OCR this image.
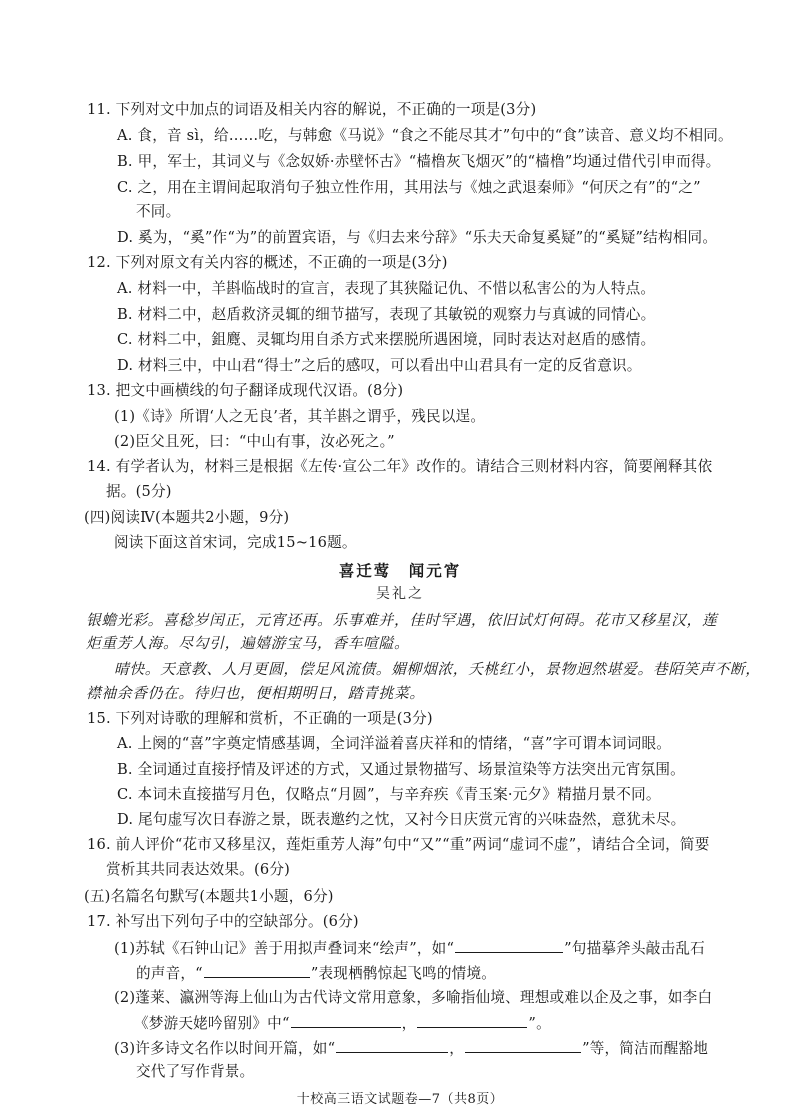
11. 下列对文中加点的词语及相关内容的解说，不正确的一项是(3分)
A. 食，音 sì，给……吃，与韩愈《马说》“食之不能尽其才”句中的“食”读音、意义均不相同。
B. 甲，军士，其词义与《念奴娇·赤壁怀古》“樯橹灰飞烟灭”的“樯橹”均通过借代引申而得。
C. 之，用在主谓间起取消句子独立性作用，其用法与《烛之武退秦师》“何厌之有”的“之”
不同。
D. 奚为，“奚”作“为”的前置宾语，与《归去来兮辞》“乐夫天命复奚疑”的“奚疑”结构相同。
12. 下列对原文有关内容的概述，不正确的一项是(3分)
A. 材料一中，羊斟临战时的宣言，表现了其狭隘记仇、不惜以私害公的为人特点。
B. 材料二中，赵盾救济灵辄的细节描写，表现了其敏锐的观察力与真诚的同情心。
C. 材料二中，鉏麑、灵辄均用自杀方式来摆脱所遇困境，同时表达对赵盾的感情。
D. 材料三中，中山君“得士”之后的感叹，可以看出中山君具有一定的反省意识。
13. 把文中画横线的句子翻译成现代汉语。(8分)
(1)《诗》所谓‘人之无良’者，其羊斟之谓乎，残民以逞。
(2)臣父且死，曰：“中山有事，汝必死之。”
14. 有学者认为，材料三是根据《左传·宣公二年》改作的。请结合三则材料内容，简要阐释其依
据。(5分)
(四)阅读Ⅳ(本题共2小题，9分)
阅读下面这首宋词，完成15~16题。
喜迁莺　闻元宵
吴礼之
银蟾光彩。喜稔岁闰正，元宵还再。乐事难并，佳时罕遇，依旧试灯何碍。花市又移星汉，莲
炬重芳人海。尽勾引，遍嬉游宝马，香车喧隘。
晴快。天意教、人月更圆，偿足风流债。媚柳烟浓，夭桃红小，景物迥然堪爱。巷陌笑声不断，
襟袖余香仍在。待归也，便相期明日，踏青挑菜。
15. 下列对诗歌的理解和赏析，不正确的一项是(3分)
A. 上阕的“喜”字奠定情感基调，全词洋溢着喜庆祥和的情绪，“喜”字可谓本词词眼。
B. 全词通过直接抒情及评述的方式，又通过景物描写、场景渲染等方法突出元宵氛围。
C. 本词未直接描写月色，仅略点“月圆”，与辛弃疾《青玉案·元夕》精描月景不同。
D. 尾句虚写次日春游之景，既表邀约之忱，又衬今日庆赏元宵的兴味盎然，意犹未尽。
16. 前人评价“花市又移星汉，莲炬重芳人海”句中“又”“重”两词“虚词不虚”，请结合全词，简要
赏析其共同表达效果。(6分)
(五)名篇名句默写(本题共1小题，6分)
17. 补写出下列句子中的空缺部分。(6分)
(1)苏轼《石钟山记》善于用拟声叠词来“绘声”，如“	”句描摹斧头敲击乱石
的声音，“	”表现栖鹘惊起飞鸣的情境。
(2)蓬莱、瀛洲等海上仙山为古代诗文常用意象，多喻指仙境、理想或难以企及之事，如李白
《梦游天姥吟留别》中“	，	”。
(3)许多诗文名作以时间开篇，如“	，	”等，简洁而醒豁地
交代了写作背景。
十校高三语文试题卷—7（共8页）
